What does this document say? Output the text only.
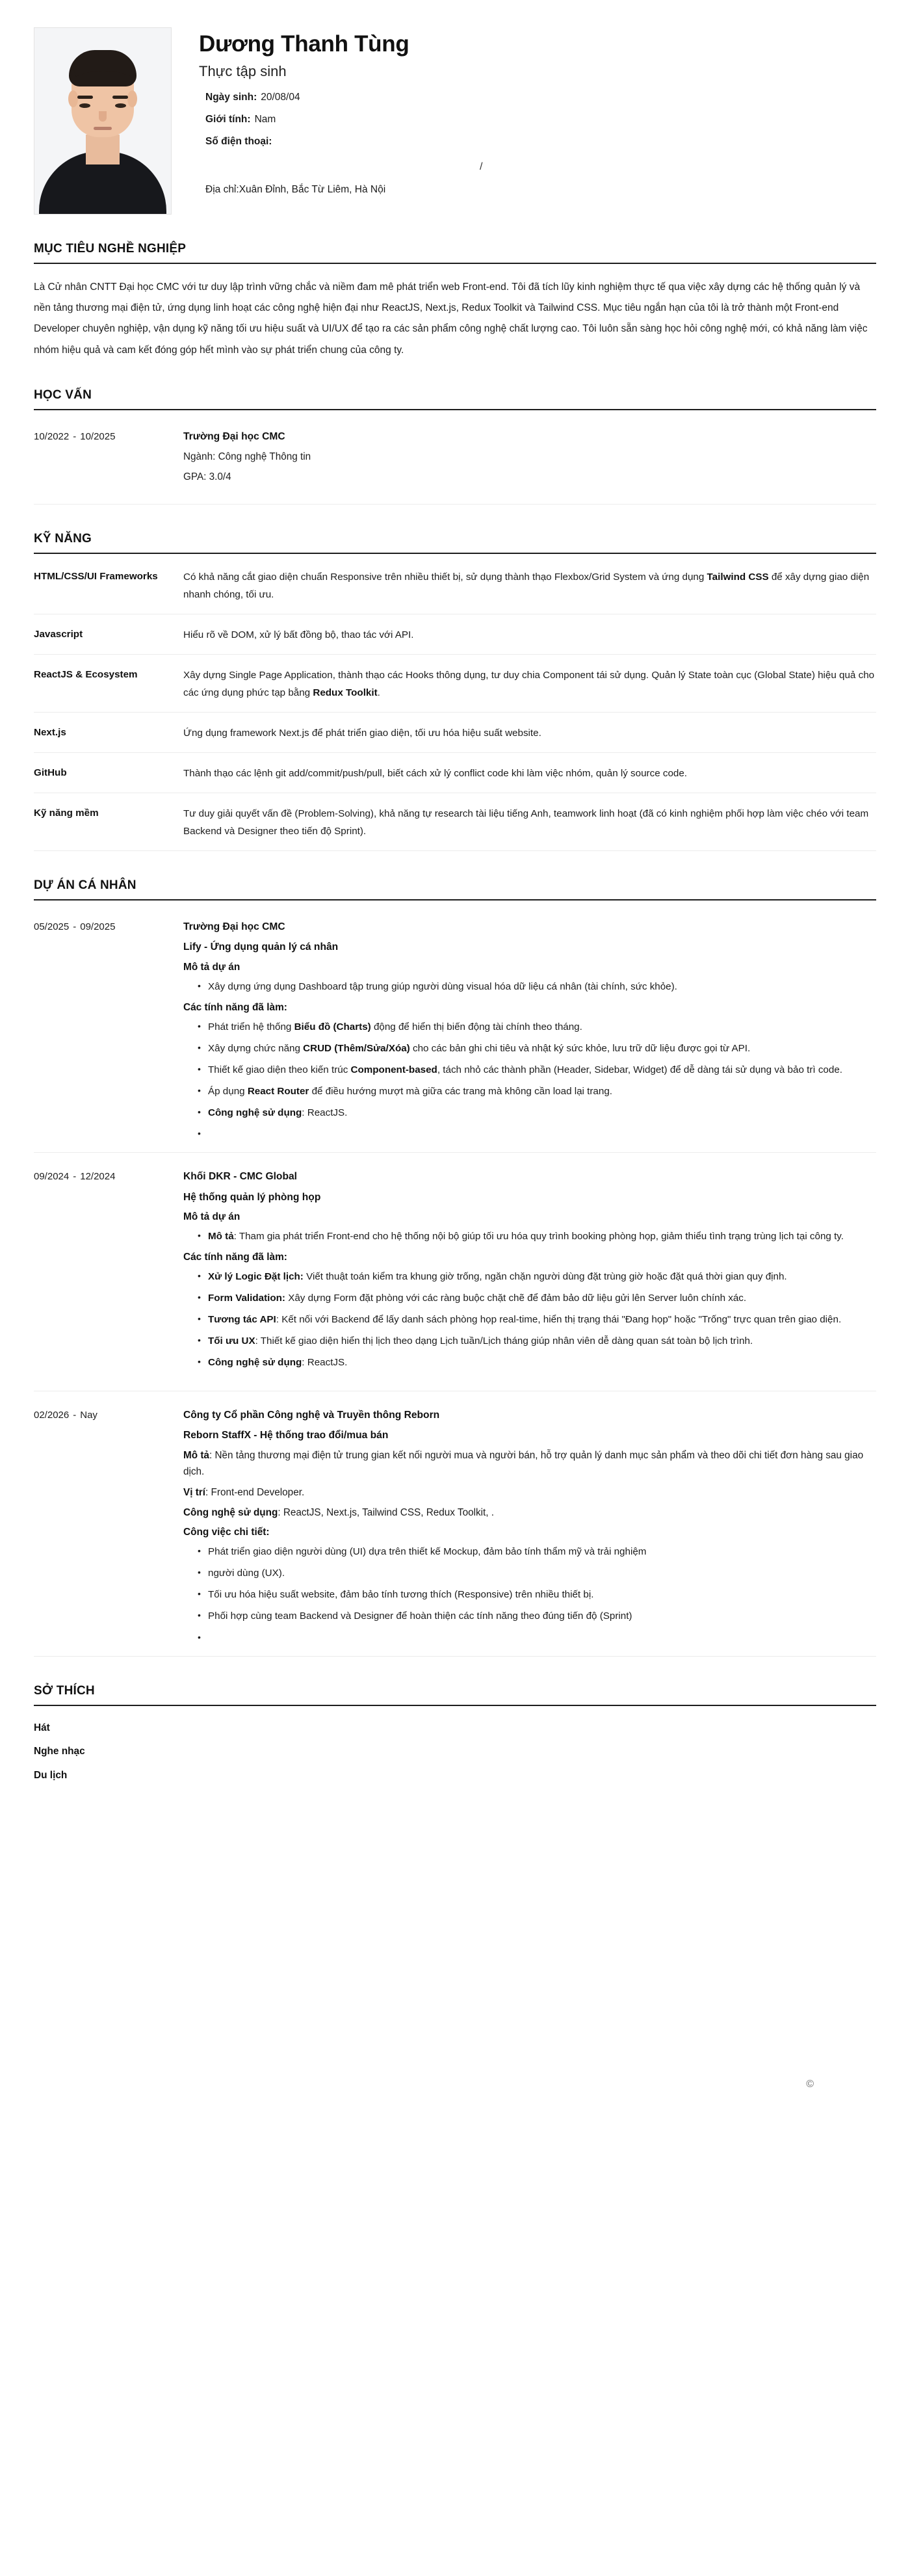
Dương Thanh Tùng
Thực tập sinh
Ngày sinh: 20/08/04
Giới tính: Nam
Số điện thoại:
/
Địa chỉ:Xuân Đỉnh, Bắc Từ Liêm, Hà Nội
MỤC TIÊU NGHỀ NGHIỆP

Là Cử nhân CNTT Đại học CMC với tư duy lập trình vững chắc và niềm đam mê phát triển web Front-end. Tôi đã tích lũy kinh nghiệm thực tế qua việc xây dựng các hệ thống quản lý và nền tảng thương mại điện tử, ứng dụng linh hoạt các công nghệ hiện đại như ReactJS, Next.js, Redux Toolkit và Tailwind CSS. Mục tiêu ngắn hạn của tôi là trở thành một Front-end Developer chuyên nghiệp, vận dụng kỹ năng tối ưu hiệu suất và UI/UX để tạo ra các sản phẩm công nghệ chất lượng cao. Tôi luôn sẵn sàng học hỏi công nghệ mới, có khả năng làm việc nhóm hiệu quả và cam kết đóng góp hết mình vào sự phát triển chung của công ty.

HỌC VẤN
10/2022 - 10/2025	Trường Đại học CMC
Ngành: Công nghệ Thông tin
GPA: 3.0/4
KỸ NĂNG
HTML/CSS/UI Frameworks	Có khả năng cắt giao diện chuẩn Responsive trên nhiều thiết bị, sử dụng thành thạo Flexbox/Grid System và ứng dụng Tailwind CSS để xây dựng giao diện nhanh chóng, tối ưu.
Javascript	Hiểu rõ về DOM, xử lý bất đồng bộ, thao tác với API.
ReactJS & Ecosystem	Xây dựng Single Page Application, thành thạo các Hooks thông dụng, tư duy chia Component tái sử dụng. Quản lý State toàn cục (Global State) hiệu quả cho các ứng dụng phức tạp bằng Redux Toolkit.
Next.js	Ứng dụng framework Next.js để phát triển giao diện, tối ưu hóa hiệu suất website.
GitHub	Thành thạo các lệnh git add/commit/push/pull, biết cách xử lý conflict code khi làm việc nhóm, quản lý source code.
Kỹ năng mềm	Tư duy giải quyết vấn đề (Problem-Solving), khả năng tự research tài liệu tiếng Anh, teamwork linh hoạt (đã có kinh nghiệm phối hợp làm việc chéo với team Backend và Designer theo tiến độ Sprint).
DỰ ÁN CÁ NHÂN
05/2025 - 09/2025	Trường Đại học CMC
Lify - Ứng dụng quản lý cá nhân
Mô tả dự án
• Xây dựng ứng dụng Dashboard tập trung giúp người dùng visual hóa dữ liệu cá nhân (tài chính, sức khỏe).
Các tính năng đã làm:
• Phát triển hệ thống Biểu đồ (Charts) động để hiển thị biến động tài chính theo tháng.
• Xây dựng chức năng CRUD (Thêm/Sửa/Xóa) cho các bản ghi chi tiêu và nhật ký sức khỏe, lưu trữ dữ liệu được gọi từ API.
• Thiết kế giao diện theo kiến trúc Component-based, tách nhỏ các thành phần (Header, Sidebar, Widget) để dễ dàng tái sử dụng và bảo trì code.
• Áp dụng React Router để điều hướng mượt mà giữa các trang mà không cần load lại trang.
• Công nghệ sử dụng: ReactJS.
•
09/2024 - 12/2024	Khối DKR - CMC Global
Hệ thống quản lý phòng họp
Mô tả dự án
• Mô tả: Tham gia phát triển Front-end cho hệ thống nội bộ giúp tối ưu hóa quy trình booking phòng họp, giảm thiểu tình trạng trùng lịch tại công ty.
Các tính năng đã làm:
• Xử lý Logic Đặt lịch: Viết thuật toán kiểm tra khung giờ trống, ngăn chặn người dùng đặt trùng giờ hoặc đặt quá thời gian quy định.
• Form Validation: Xây dựng Form đặt phòng với các ràng buộc chặt chẽ để đảm bảo dữ liệu gửi lên Server luôn chính xác.
• Tương tác API: Kết nối với Backend để lấy danh sách phòng họp real-time, hiển thị trạng thái "Đang họp" hoặc "Trống" trực quan trên giao diện.
• Tối ưu UX: Thiết kế giao diện hiển thị lịch theo dạng Lịch tuần/Lịch tháng giúp nhân viên dễ dàng quan sát toàn bộ lịch trình.
• Công nghệ sử dụng: ReactJS.
02/2026 - Nay	Công ty Cổ phần Công nghệ và Truyền thông Reborn
Reborn StaffX - Hệ thống trao đổi/mua bán
Mô tả: Nền tảng thương mại điện tử trung gian kết nối người mua và người bán, hỗ trợ quản lý danh mục sản phẩm và theo dõi chi tiết đơn hàng sau giao dịch.
Vị trí: Front-end Developer.
Công nghệ sử dụng: ReactJS, Next.js, Tailwind CSS, Redux Toolkit, .
Công việc chi tiết:
• Phát triển giao diện người dùng (UI) dựa trên thiết kế Mockup, đảm bảo tính thẩm mỹ và trải nghiệm
• người dùng (UX).
• Tối ưu hóa hiệu suất website, đảm bảo tính tương thích (Responsive) trên nhiều thiết bị.
• Phối hợp cùng team Backend và Designer để hoàn thiện các tính năng theo đúng tiến độ (Sprint)
•
SỞ THÍCH
Hát
Nghe nhạc
Du lịch
©
